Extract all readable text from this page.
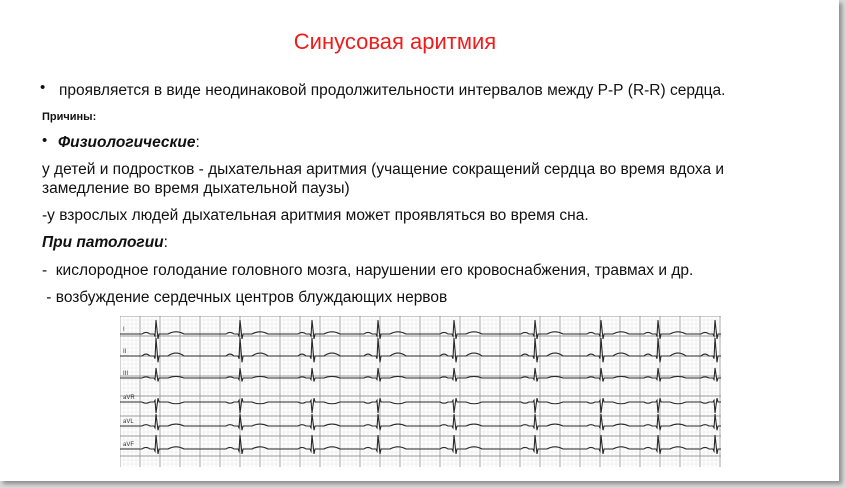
Синусовая аритмия
• проявляется в виде неодинаковой продолжительности интервалов между Р-Р (R-R) сердца.
Причины:
• Физиологические:
у детей и подростков - дыхательная аритмия (учащение сокращений сердца во время вдоха и
замедление во время дыхательной паузы)
-у взрослых людей дыхательная аритмия может проявляться во время сна.
При патологии:
-  кислородное голодание головного мозга, нарушении его кровоснабжения, травмах и др.
- возбуждение сердечных центров блуждающих нервов
I
II
III
aVR
aVL
aVF
